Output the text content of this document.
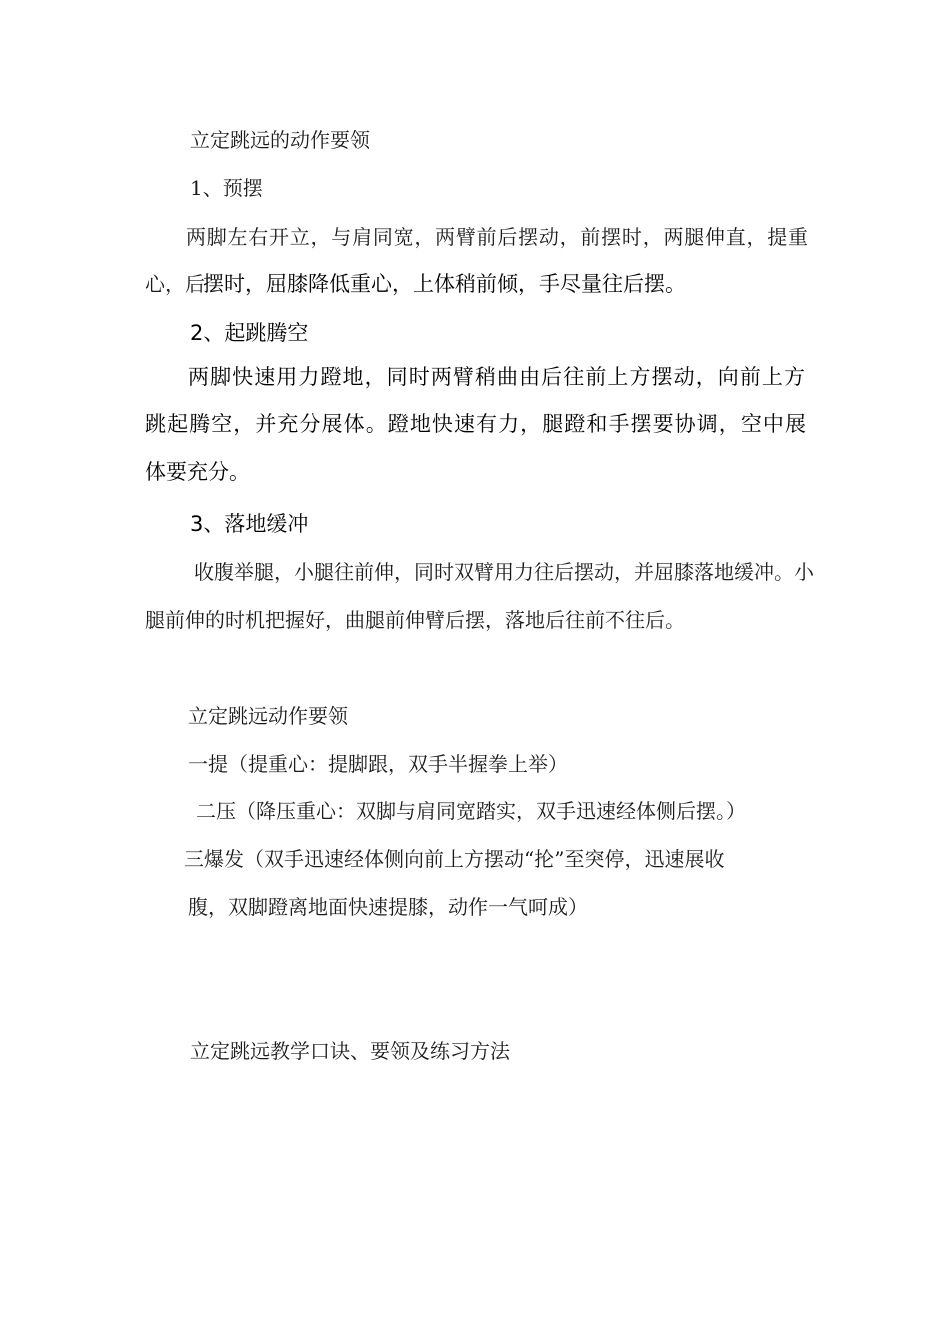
立定跳远的动作要领
1、预摆
两脚左右开立，与肩同宽，两臂前后摆动，前摆时，两腿伸直，提重
心，后
摆时，屈膝降低重心，上体稍前倾，手尽量往后摆。
2、起跳腾空
两脚快速用力蹬地，同时两臂稍曲由后往前上方摆动，向前上方
跳起腾空，并充分展体。蹬地快速有力，腿蹬和手摆要协调，空中展
体要充分。
3、落地缓冲
收腹举腿，小腿往前伸，同时双臂用力往后摆动，并屈膝落地缓冲。小
腿前伸的时机把握好，曲腿前伸臂后摆，落地后往前不往后。
立定跳远动作要领
一提（提重心：提脚跟，双手半握拳上举）
二压（降压重心：双脚与肩同宽踏实，双手迅速经体侧后摆。）
三爆发（双手迅速经体侧向前上方摆动“抡”至突停，迅速展收
腹，双脚蹬离地面快速提膝，动作一气呵成）
立定跳远教学口诀、要领及练习方法
